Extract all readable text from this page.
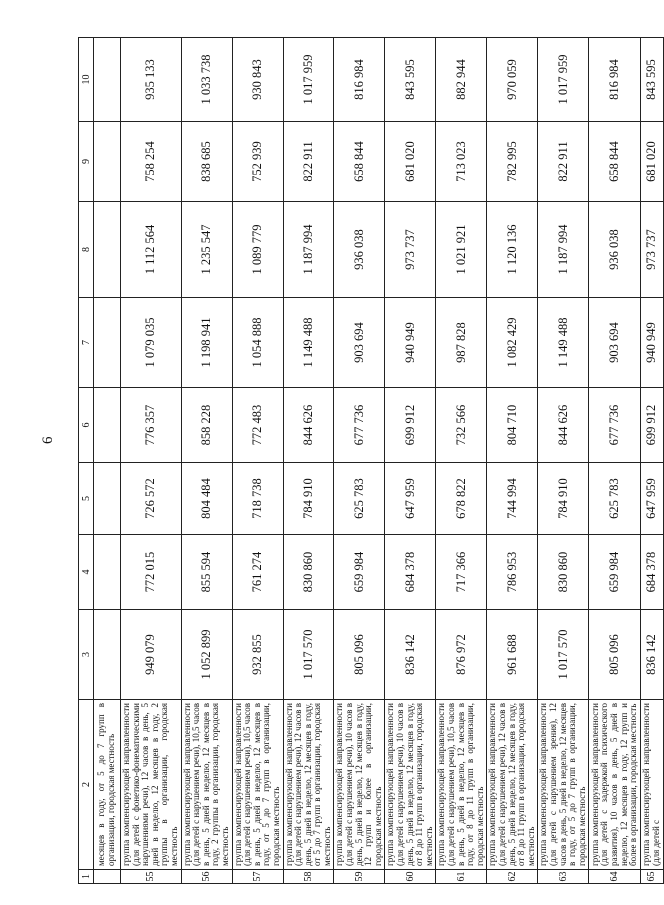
6
1	2	3	4	5	6	7	8	9	10
	месяцев в году, от 5 до 7 групп в организации, городская местность								
55	группа компенсирующей направленности (для детей с фонетико-фонематическими нарушениями речи), 12 часов в день, 5 дней в неделю, 12 месяцев в году, 2 группы в организации, городская местность	949 079	772 015	726 572	776 357	1 079 035	1 112 564	758 254	935 133
56	группа компенсирующей направленности (для детей с нарушением речи), 10,5 часов в день, 5 дней в неделю, 12 месяцев в году, 2 группы в организации, городская местность	1 052 899	855 594	804 484	858 228	1 198 941	1 235 547	838 685	1 033 738
57	группа компенсирующей направленности (для детей с нарушением речи), 10,5 часов в день, 5 дней в неделю, 12 месяцев в году, от 5 до 7 групп в организации, городская местность	932 855	761 274	718 738	772 483	1 054 888	1 089 779	752 939	930 843
58	группа компенсирующей направленности (для детей с нарушением речи), 12 часов в день, 5 дней в неделю, 12 месяцев в году, от 5 до 7 групп в организации, городская местность	1 017 570	830 860	784 910	844 626	1 149 488	1 187 994	822 911	1 017 959
59	группа компенсирующей направленности (для детей с нарушением речи), 10 часов в день, 5 дней в неделю, 12 месяцев в году, 12 групп и более в организации, городская местность	805 096	659 984	625 783	677 736	903 694	936 038	658 844	816 984
60	группа компенсирующей направленности (для детей с нарушением речи), 10 часов в день, 5 дней в неделю, 12 месяцев в году, от 8 до 11 групп в организации, городская местность	836 142	684 378	647 959	699 912	940 949	973 737	681 020	843 595
61	группа компенсирующей направленности (для детей с нарушением речи), 10,5 часов в день, 5 дней в неделю, 12 месяцев в году, от 8 до 11 групп в организации, городская местность	876 972	717 366	678 822	732 566	987 828	1 021 921	713 023	882 944
62	группа компенсирующей направленности (для детей с нарушением речи), 12 часов в день, 5 дней в неделю, 12 месяцев в году, от 8 до 11 групп в организации, городская местность	961 688	786 953	744 994	804 710	1 082 429	1 120 136	782 995	970 059
63	группа компенсирующей направленности (для детей с нарушением зрения), 12 часов в день, 5 дней в неделю, 12 месяцев в году, от 5 до 7 групп в организации, городская местность	1 017 570	830 860	784 910	844 626	1 149 488	1 187 994	822 911	1 017 959
64	группа компенсирующей направленности (для детей с задержкой психического развития), 10 часов в день, 5 дней в неделю, 12 месяцев в году, 12 групп и более в организации, городская местность	805 096	659 984	625 783	677 736	903 694	936 038	658 844	816 984
65	группа компенсирующей направленности (для детей с	836 142	684 378	647 959	699 912	940 949	973 737	681 020	843 595
